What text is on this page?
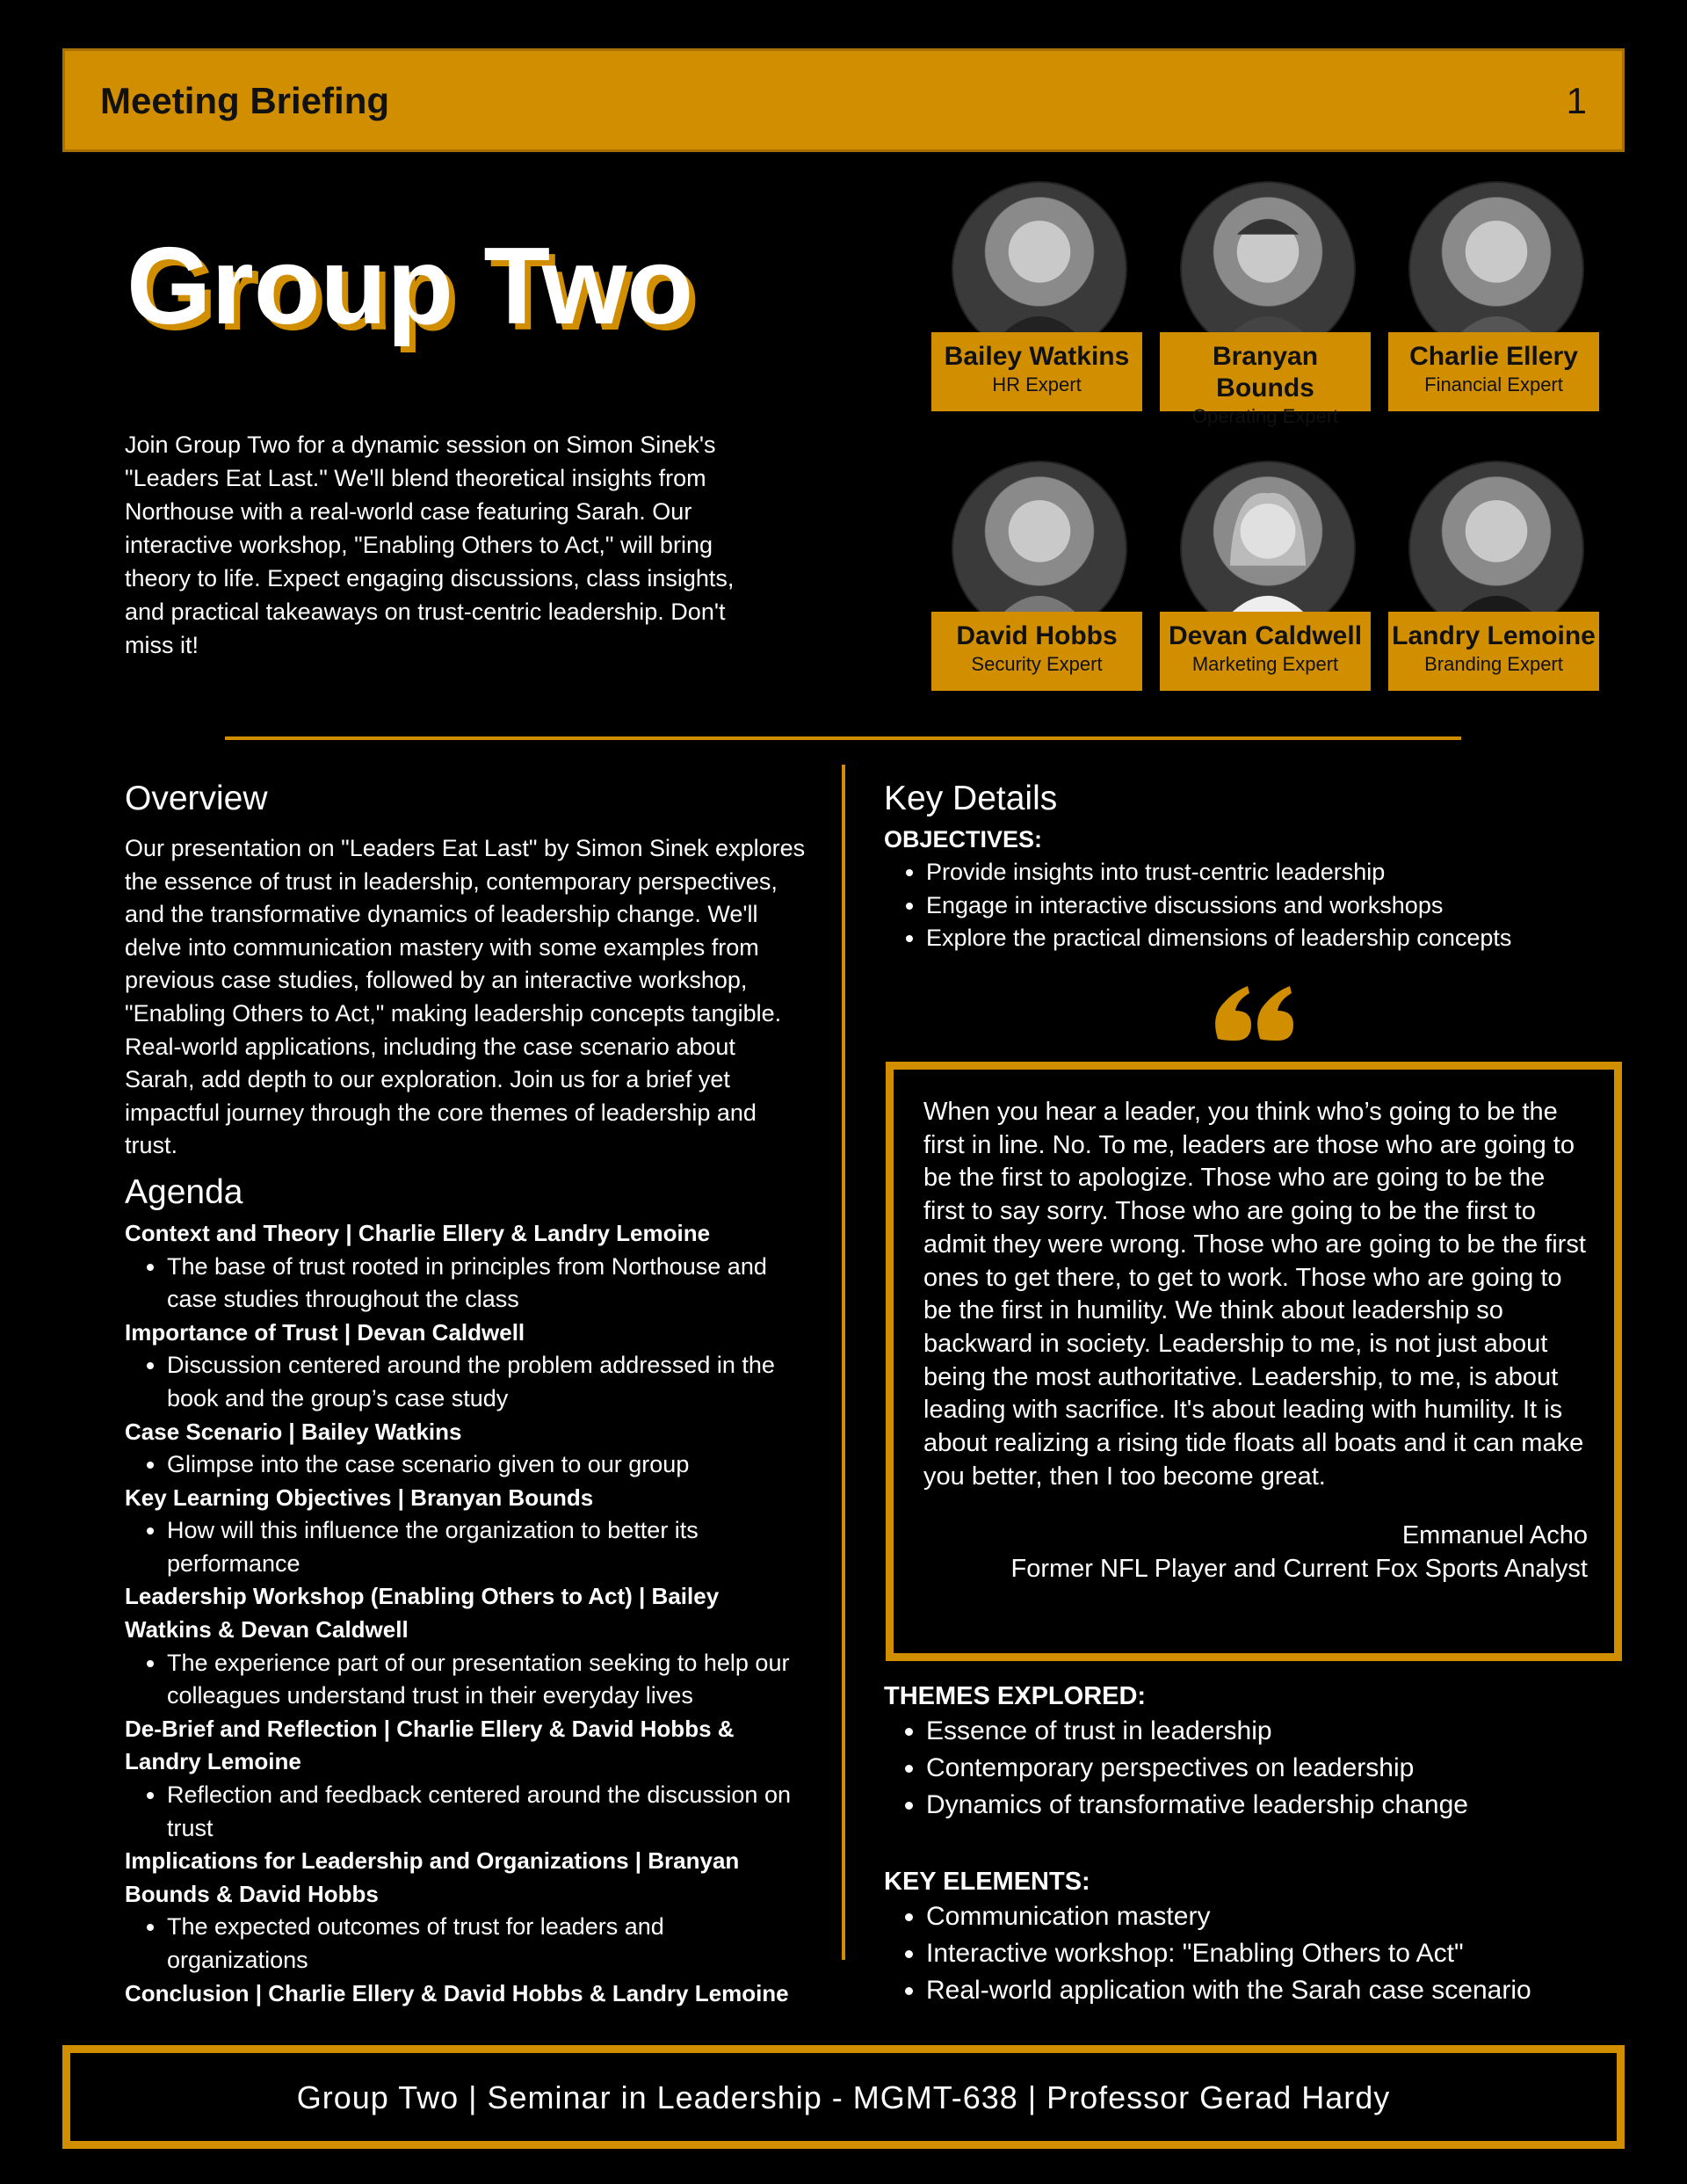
Meeting Briefing	1
Group Two

Join Group Two for a dynamic session on Simon Sinek's "Leaders Eat Last." We'll blend theoretical insights from Northouse with a real-world case featuring Sarah. Our interactive workshop, "Enabling Others to Act," will bring theory to life. Expect engaging discussions, class insights, and practical takeaways on trust-centric leadership. Don't miss it!

Bailey Watkins
HR Expert
Branyan Bounds
Operating Expert
Charlie Ellery
Financial Expert
David Hobbs
Security Expert
Devan Caldwell
Marketing Expert
Landry Lemoine
Branding Expert
Overview

Our presentation on "Leaders Eat Last" by Simon Sinek explores the essence of trust in leadership, contemporary perspectives, and the transformative dynamics of leadership change. We'll delve into communication mastery with some examples from previous case studies, followed by an interactive workshop, "Enabling Others to Act," making leadership concepts tangible. Real-world applications, including the case scenario about Sarah, add depth to our exploration. Join us for a brief yet impactful journey through the core themes of leadership and trust.

Agenda
Context and Theory | Charlie Ellery & Landry Lemoine
• The base of trust rooted in principles from Northouse and case studies throughout the class
Importance of Trust | Devan Caldwell
• Discussion centered around the problem addressed in the book and the group’s case study
Case Scenario | Bailey Watkins
• Glimpse into the case scenario given to our group
Key Learning Objectives | Branyan Bounds
• How will this influence the organization to better its performance
Leadership Workshop (Enabling Others to Act) | Bailey Watkins & Devan Caldwell
• The experience part of our presentation seeking to help our colleagues understand trust in their everyday lives
De-Brief and Reflection | Charlie Ellery & David Hobbs & Landry Lemoine
• Reflection and feedback centered around the discussion on trust
Implications for Leadership and Organizations | Branyan Bounds & David Hobbs
• The expected outcomes of trust for leaders and organizations
Conclusion | Charlie Ellery & David Hobbs & Landry Lemoine
Key Details
OBJECTIVES:
• Provide insights into trust-centric leadership
• Engage in interactive discussions and workshops
• Explore the practical dimensions of leadership concepts

When you hear a leader, you think who’s going to be the first in line. No. To me, leaders are those who are going to be the first to apologize. Those who are going to be the first to say sorry. Those who are going to be the first to admit they were wrong. Those who are going to be the first ones to get there, to get to work. Those who are going to be the first in humility. We think about leadership so backward in society. Leadership to me, is not just about being the most authoritative. Leadership, to me, is about leading with sacrifice. It's about leading with humility. It is about realizing a rising tide floats all boats and it can make you better, then I too become great.

Emmanuel Acho
Former NFL Player and Current Fox Sports Analyst
THEMES EXPLORED:
• Essence of trust in leadership
• Contemporary perspectives on leadership
• Dynamics of transformative leadership change
KEY ELEMENTS:
• Communication mastery
• Interactive workshop: "Enabling Others to Act"
• Real-world application with the Sarah case scenario
Group Two | Seminar in Leadership - MGMT-638 | Professor Gerad Hardy
